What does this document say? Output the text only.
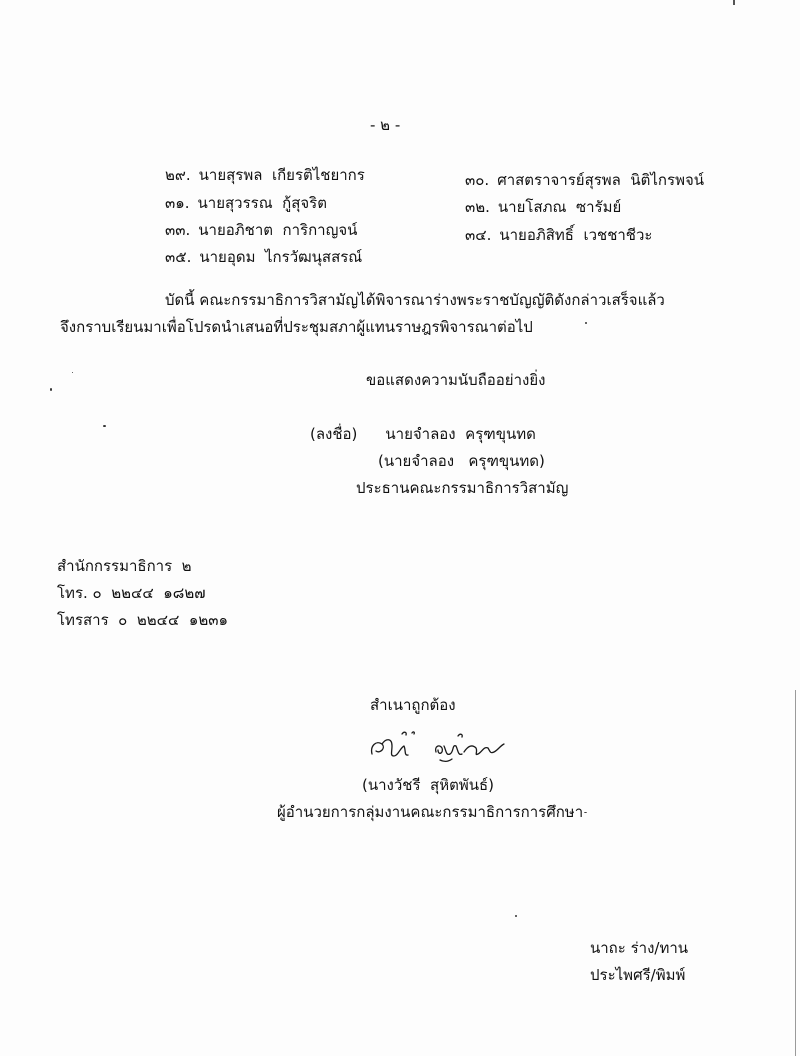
- ๒ -
๒๙. นายสุรพล  เกียรติไชยากร
๓๑. นายสุวรรณ  กู้สุจริต
๓๓. นายอภิชาต  การิกาญจน์
๓๕. นายอุดม  ไกรวัฒนุสสรณ์
๓๐. ศาสตราจารย์สุรพล  นิติไกรพจน์
๓๒. นายโสภณ  ซารัมย์
๓๔. นายอภิสิทธิ์  เวชชาชีวะ
บัดนี้ คณะกรรมาธิการวิสามัญได้พิจารณาร่างพระราชบัญญัติดังกล่าวเสร็จแล้ว
จึงกราบเรียนมาเพื่อโปรดนำเสนอที่ประชุมสภาผู้แทนราษฎรพิจารณาต่อไป
ขอแสดงความนับถืออย่างยิ่ง
(ลงชื่อ) นายจำลอง  ครุฑขุนทด
(นายจำลอง   ครุฑขุนทด)
ประธานคณะกรรมาธิการวิสามัญ
สำนักกรรมาธิการ  ๒
โทร. ๐  ๒๒๔๔  ๑๘๒๗
โทรสาร  ๐  ๒๒๔๔  ๑๒๓๑
สำเนาถูกต้อง
(นางวัชรี  สุหิตพันธ์)
ผู้อำนวยการกลุ่มงานคณะกรรมาธิการการศึกษา
นาถะ ร่าง/ทาน
ประไพศรี/พิมพ์
